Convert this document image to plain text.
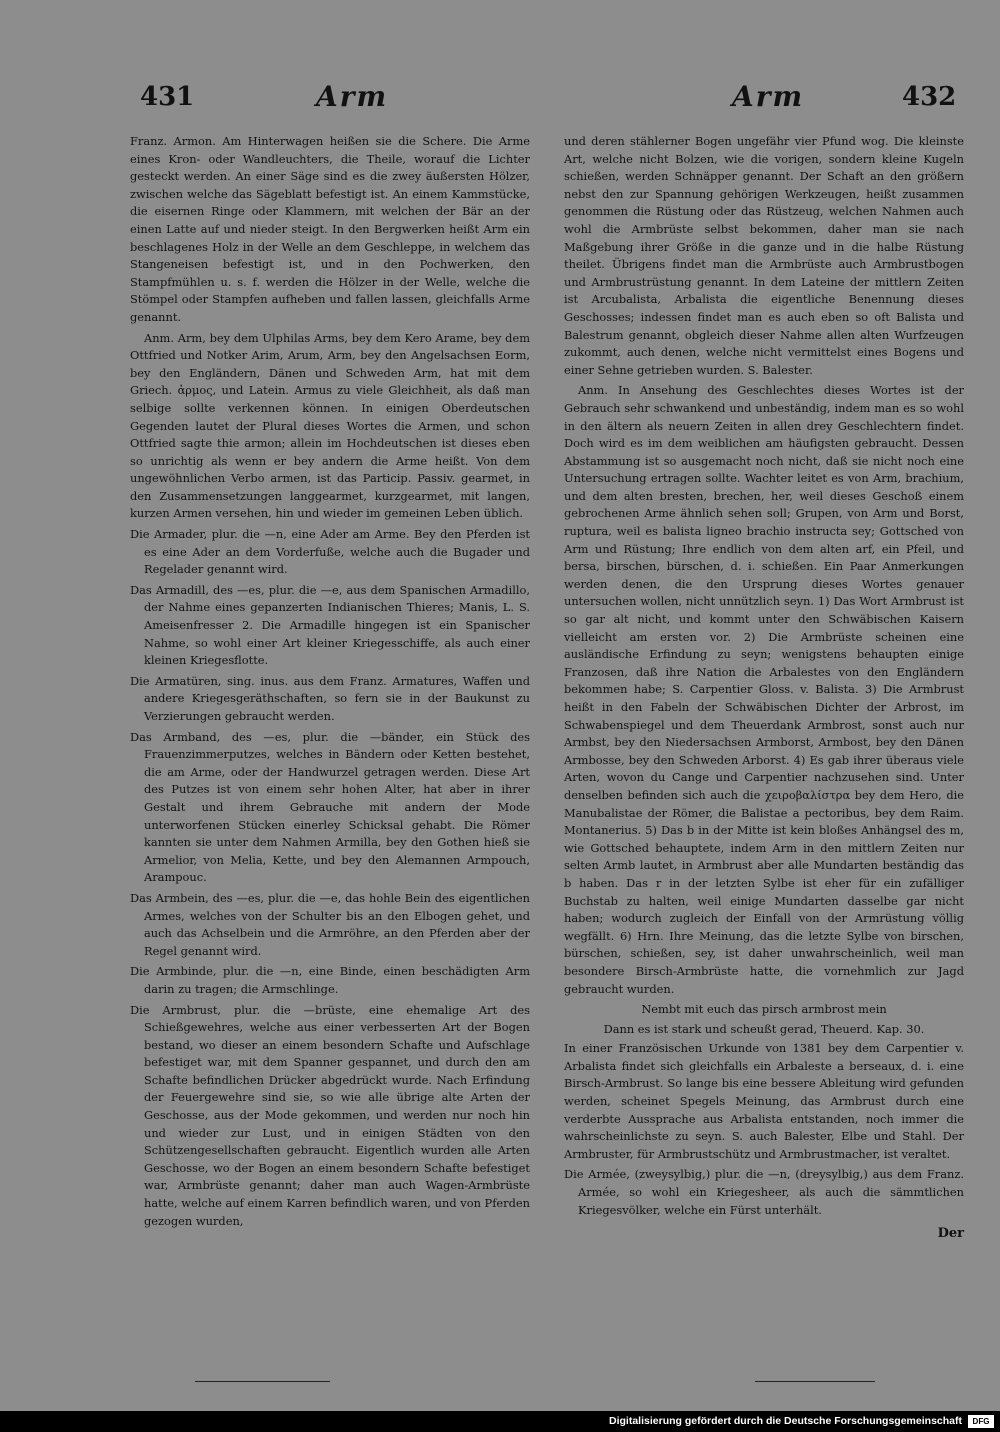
431	Arm	Arm	432

Franz. Armon. Am Hinterwagen heißen sie die Schere. Die Arme eines Kron- oder Wandleuchters, die Theile, worauf die Lichter gesteckt werden. An einer Säge sind es die zwey äußersten Hölzer, zwischen welche das Sägeblatt befestigt ist. An einem Kammstücke, die eisernen Ringe oder Klammern, mit welchen der Bär an der einen Latte auf und nieder steigt. In den Bergwerken heißt Arm ein beschlagenes Holz in der Welle an dem Geschleppe, in welchem das Stangeneisen befestigt ist, und in den Pochwerken, den Stampfmühlen u. s. f. werden die Hölzer in der Welle, welche die Stömpel oder Stampfen aufheben und fallen lassen, gleichfalls Arme genannt.

Anm. Arm, bey dem Ulphilas Arms, bey dem Kero Arame, bey dem Ottfried und Notker Arim, Arum, Arm, bey den Angelsachsen Eorm, bey den Engländern, Dänen und Schweden Arm, hat mit dem Griech. ἀρμος, und Latein. Armus zu viele Gleichheit, als daß man selbige sollte verkennen können. In einigen Oberdeutschen Gegenden lautet der Plural dieses Wortes die Armen, und schon Ottfried sagte thie armon; allein im Hochdeutschen ist dieses eben so unrichtig als wenn er bey andern die Arme heißt. Von dem ungewöhnlichen Verbo armen, ist das Particip. Passiv. gearmet, in den Zusammensetzungen langgearmet, kurzgearmet, mit langen, kurzen Armen versehen, hin und wieder im gemeinen Leben üblich.

Die Armader, plur. die —n, eine Ader am Arme. Bey den Pferden ist es eine Ader an dem Vorderfuße, welche auch die Bugader und Regelader genannt wird.

Das Armadill, des —es, plur. die —e, aus dem Spanischen Armadillo, der Nahme eines gepanzerten Indianischen Thieres; Manis, L. S. Ameisenfresser 2. Die Armadille hingegen ist ein Spanischer Nahme, so wohl einer Art kleiner Kriegesschiffe, als auch einer kleinen Kriegesflotte.

Die Armatüren, sing. inus. aus dem Franz. Armatures, Waffen und andere Kriegesgeräthschaften, so fern sie in der Baukunst zu Verzierungen gebraucht werden.

Das Armband, des —es, plur. die —bänder, ein Stück des Frauenzimmerputzes, welches in Bändern oder Ketten bestehet, die am Arme, oder der Handwurzel getragen werden. Diese Art des Putzes ist von einem sehr hohen Alter, hat aber in ihrer Gestalt und ihrem Gebrauche mit andern der Mode unterworfenen Stücken einerley Schicksal gehabt. Die Römer kannten sie unter dem Nahmen Armilla, bey den Gothen hieß sie Armelior, von Melia, Kette, und bey den Alemannen Armpouch, Arampouc.

Das Armbein, des —es, plur. die —e, das hohle Bein des eigentlichen Armes, welches von der Schulter bis an den Elbogen gehet, und auch das Achselbein und die Armröhre, an den Pferden aber der Regel genannt wird.

Die Armbinde, plur. die —n, eine Binde, einen beschädigten Arm darin zu tragen; die Armschlinge.

Die Armbrust, plur. die —brüste, eine ehemalige Art des Schießgewehres, welche aus einer verbesserten Art der Bogen bestand, wo dieser an einem besondern Schafte und Aufschlage befestiget war, mit dem Spanner gespannet, und durch den am Schafte befindlichen Drücker abgedrückt wurde. Nach Erfindung der Feuergewehre sind sie, so wie alle übrige alte Arten der Geschosse, aus der Mode gekommen, und werden nur noch hin und wieder zur Lust, und in einigen Städten von den Schützengesellschaften gebraucht. Eigentlich wurden alle Arten Geschosse, wo der Bogen an einem besondern Schafte befestiget war, Armbrüste genannt; daher man auch Wagen-Armbrüste hatte, welche auf einem Karren befindlich waren, und von Pferden gezogen wurden,

und deren stählerner Bogen ungefähr vier Pfund wog. Die kleinste Art, welche nicht Bolzen, wie die vorigen, sondern kleine Kugeln schießen, werden Schnäpper genannt. Der Schaft an den größern nebst den zur Spannung gehörigen Werkzeugen, heißt zusammen genommen die Rüstung oder das Rüstzeug, welchen Nahmen auch wohl die Armbrüste selbst bekommen, daher man sie nach Maßgebung ihrer Größe in die ganze und in die halbe Rüstung theilet. Übrigens findet man die Armbrüste auch Armbrustbogen und Armbrustrüstung genannt. In dem Lateine der mittlern Zeiten ist Arcubalista, Arbalista die eigentliche Benennung dieses Geschosses; indessen findet man es auch eben so oft Balista und Balestrum genannt, obgleich dieser Nahme allen alten Wurfzeugen zukommt, auch denen, welche nicht vermittelst eines Bogens und einer Sehne getrieben wurden. S. Balester.

Anm. In Ansehung des Geschlechtes dieses Wortes ist der Gebrauch sehr schwankend und unbeständig, indem man es so wohl in den ältern als neuern Zeiten in allen drey Geschlechtern findet. Doch wird es im dem weiblichen am häufigsten gebraucht. Dessen Abstammung ist so ausgemacht noch nicht, daß sie nicht noch eine Untersuchung ertragen sollte. Wachter leitet es von Arm, brachium, und dem alten bresten, brechen, her, weil dieses Geschoß einem gebrochenen Arme ähnlich sehen soll; Grupen, von Arm und Borst, ruptura, weil es balista ligneo brachio instructa sey; Gottsched von Arm und Rüstung; Ihre endlich von dem alten arf, ein Pfeil, und bersa, birschen, bürschen, d. i. schießen. Ein Paar Anmerkungen werden denen, die den Ursprung dieses Wortes genauer untersuchen wollen, nicht unnützlich seyn. 1) Das Wort Armbrust ist so gar alt nicht, und kommt unter den Schwäbischen Kaisern vielleicht am ersten vor. 2) Die Armbrüste scheinen eine ausländische Erfindung zu seyn; wenigstens behaupten einige Franzosen, daß ihre Nation die Arbalestes von den Engländern bekommen habe; S. Carpentier Gloss. v. Balista. 3) Die Armbrust heißt in den Fabeln der Schwäbischen Dichter der Arbrost, im Schwabenspiegel und dem Theuerdank Armbrost, sonst auch nur Armbst, bey den Niedersachsen Armborst, Armbost, bey den Dänen Armbosse, bey den Schweden Arborst. 4) Es gab ihrer überaus viele Arten, wovon du Cange und Carpentier nachzusehen sind. Unter denselben befinden sich auch die χειροβαλίστρα bey dem Hero, die Manubalistae der Römer, die Balistae a pectoribus, bey dem Raim. Montanerius. 5) Das b in der Mitte ist kein bloßes Anhängsel des m, wie Gottsched behauptete, indem Arm in den mittlern Zeiten nur selten Armb lautet, in Armbrust aber alle Mundarten beständig das b haben. Das r in der letzten Sylbe ist eher für ein zufälliger Buchstab zu halten, weil einige Mundarten dasselbe gar nicht haben; wodurch zugleich der Einfall von der Armrüstung völlig wegfällt. 6) Hrn. Ihre Meinung, das die letzte Sylbe von birschen, bürschen, schießen, sey, ist daher unwahrscheinlich, weil man besondere Birsch-Armbrüste hatte, die vornehmlich zur Jagd gebraucht wurden.

Nembt mit euch das pirsch armbrost mein

Dann es ist stark und scheußt gerad, Theuerd. Kap. 30.

In einer Französischen Urkunde von 1381 bey dem Carpentier v. Arbalista findet sich gleichfalls ein Arbaleste a berseaux, d. i. eine Birsch-Armbrust. So lange bis eine bessere Ableitung wird gefunden werden, scheinet Spegels Meinung, das Armbrust durch eine verderbte Aussprache aus Arbalista entstanden, noch immer die wahrscheinlichste zu seyn. S. auch Balester, Elbe und Stahl. Der Armbruster, für Armbrustschütz und Armbrustmacher, ist veraltet.

Die Armée, (zweysylbig,) plur. die —n, (dreysylbig,) aus dem Franz. Armée, so wohl ein Kriegesheer, als auch die sämmtlichen Kriegesvölker, welche ein Fürst unterhält.

Der

Digitalisierung gefördert durch die Deutsche Forschungsgemeinschaft	DFG
